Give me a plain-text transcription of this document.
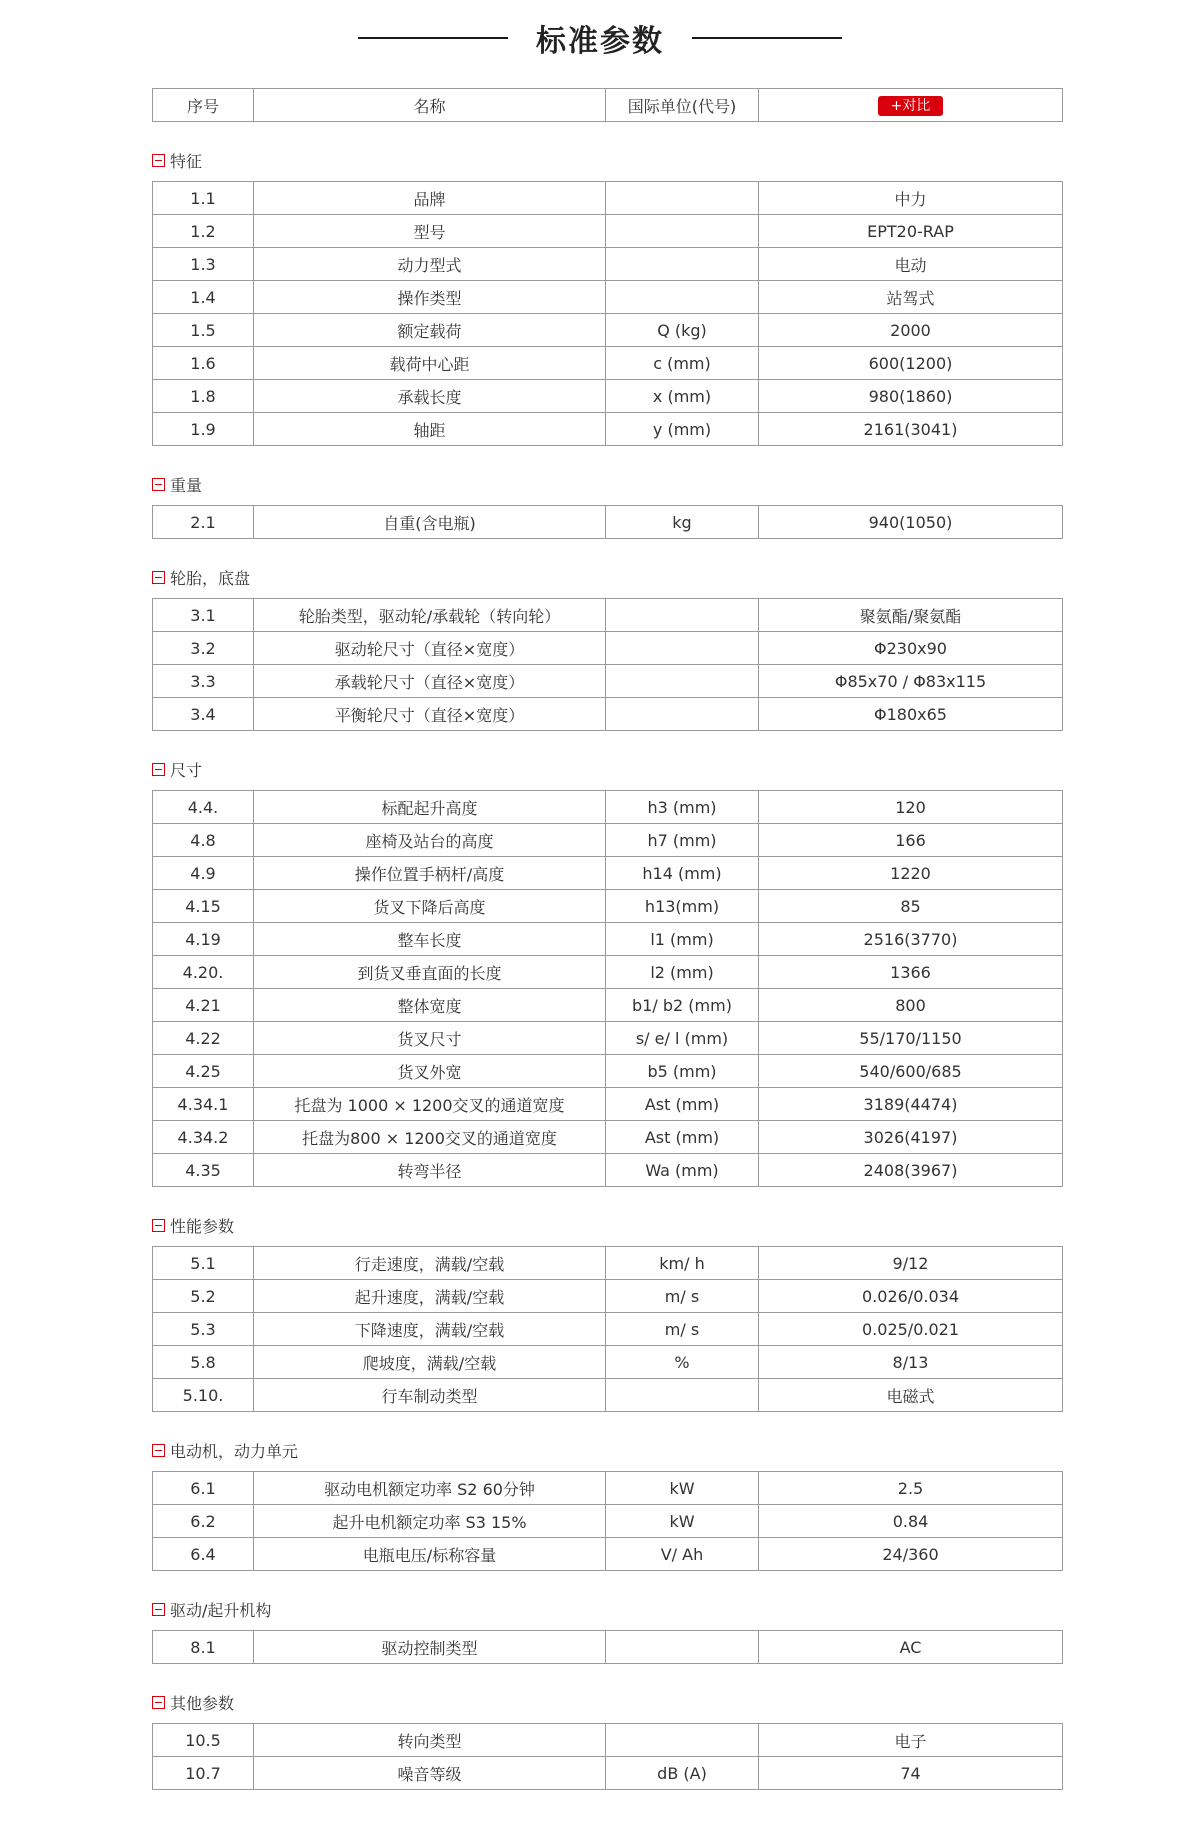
标准参数
序号	名称	国际单位(代号)	+对比
特征
1.1	品牌		中力
1.2	型号		EPT20-RAP
1.3	动力型式		电动
1.4	操作类型		站驾式
1.5	额定载荷	Q (kg)	2000
1.6	载荷中心距	c (mm)	600(1200)
1.8	承载长度	x (mm)	980(1860)
1.9	轴距	y (mm)	2161(3041)
重量
2.1	自重(含电瓶)	kg	940(1050)
轮胎，底盘
3.1	轮胎类型，驱动轮/承载轮（转向轮）		聚氨酯/聚氨酯
3.2	驱动轮尺寸（直径×宽度）		Φ230x90
3.3	承载轮尺寸（直径×宽度）		Φ85x70 / Φ83x115
3.4	平衡轮尺寸（直径×宽度）		Φ180x65
尺寸
4.4.	标配起升高度	h3 (mm)	120
4.8	座椅及站台的高度	h7 (mm)	166
4.9	操作位置手柄杆/高度	h14 (mm)	1220
4.15	货叉下降后高度	h13(mm)	85
4.19	整车长度	l1 (mm)	2516(3770)
4.20.	到货叉垂直面的长度	l2 (mm)	1366
4.21	整体宽度	b1/ b2 (mm)	800
4.22	货叉尺寸	s/ e/ l (mm)	55/170/1150
4.25	货叉外宽	b5 (mm)	540/600/685
4.34.1	托盘为 1000 × 1200交叉的通道宽度	Ast (mm)	3189(4474)
4.34.2	托盘为800 × 1200交叉的通道宽度	Ast (mm)	3026(4197)
4.35	转弯半径	Wa (mm)	2408(3967)
性能参数
5.1	行走速度，满载/空载	km/ h	9/12
5.2	起升速度，满载/空载	m/ s	0.026/0.034
5.3	下降速度，满载/空载	m/ s	0.025/0.021
5.8	爬坡度，满载/空载	%	8/13
5.10.	行车制动类型		电磁式
电动机，动力单元
6.1	驱动电机额定功率 S2 60分钟	kW	2.5
6.2	起升电机额定功率 S3 15%	kW	0.84
6.4	电瓶电压/标称容量	V/ Ah	24/360
驱动/起升机构
8.1	驱动控制类型		AC
其他参数
10.5	转向类型		电子
10.7	噪音等级	dB (A)	74
